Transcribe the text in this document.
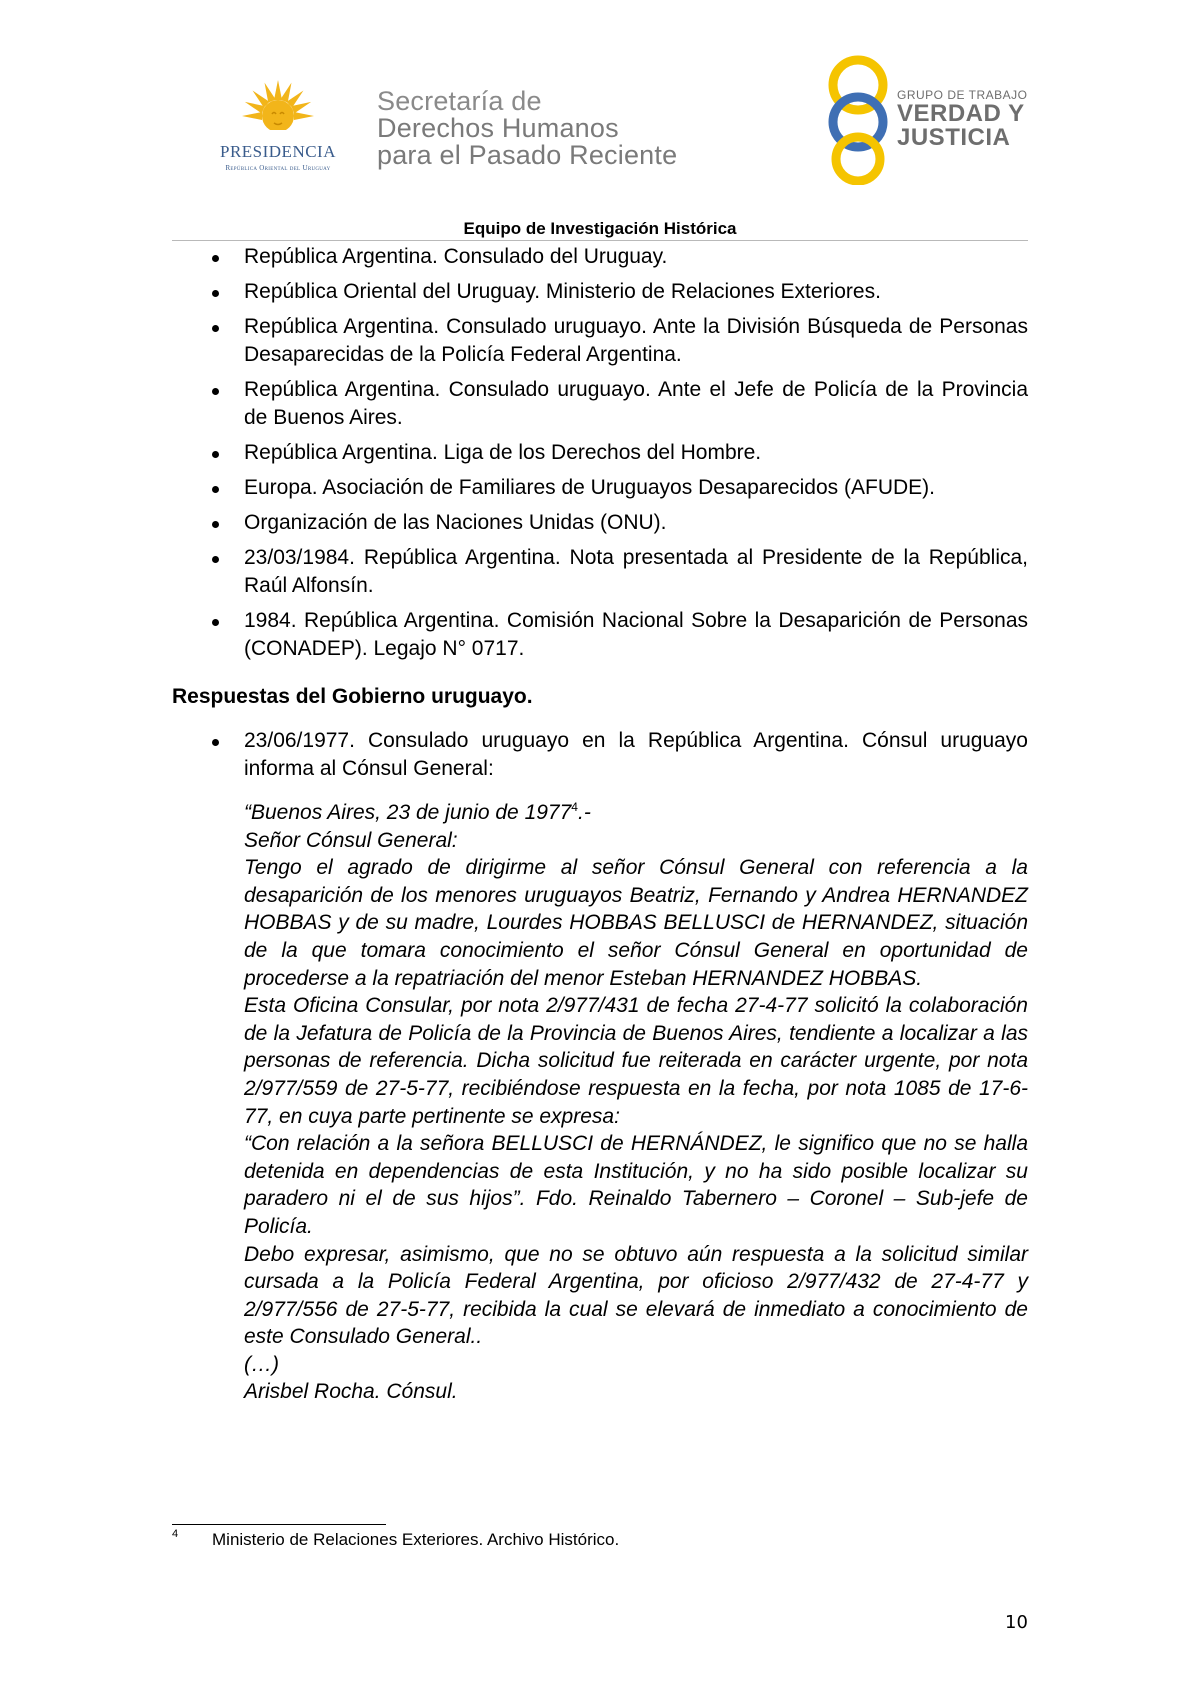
PRESIDENCIA
República Oriental del Uruguay
Secretaría de
Derechos Humanos
para el Pasado Reciente
GRUPO DE TRABAJO
VERDAD Y
JUSTICIA
Equipo de Investigación Histórica
República Argentina. Consulado del Uruguay.
República Oriental del Uruguay. Ministerio de Relaciones Exteriores.
República Argentina. Consulado uruguayo. Ante la División Búsqueda de Personas Desaparecidas de la Policía Federal Argentina.
República Argentina. Consulado uruguayo. Ante el Jefe de Policía de la Provincia de Buenos Aires.
República Argentina. Liga de los Derechos del Hombre.
Europa. Asociación de Familiares de Uruguayos Desaparecidos (AFUDE).
Organización de las Naciones Unidas (ONU).
23/03/1984. República Argentina. Nota presentada al Presidente de la República, Raúl Alfonsín.
1984. República Argentina. Comisión Nacional Sobre la Desaparición de Personas (CONADEP). Legajo N° 0717.
Respuestas del Gobierno uruguayo.
23/06/1977. Consulado uruguayo en la República Argentina. Cónsul uruguayo informa al Cónsul General:

“Buenos Aires, 23 de junio de 1977$^4$.-

Señor Cónsul General:

Tengo el agrado de dirigirme al señor Cónsul General con referencia a la desaparición de los menores uruguayos Beatriz, Fernando y Andrea HERNANDEZ HOBBAS y de su madre, Lourdes HOBBAS BELLUSCI de HERNANDEZ, situación de la que tomara conocimiento el señor Cónsul General en oportunidad de procederse a la repatriación del menor Esteban HERNANDEZ HOBBAS.

Esta Oficina Consular, por nota 2/977/431 de fecha 27-4-77 solicitó la colaboración de la Jefatura de Policía de la Provincia de Buenos Aires, tendiente a localizar a las personas de referencia. Dicha solicitud fue reiterada en carácter urgente, por nota 2/977/559 de 27-5-77, recibiéndose respuesta en la fecha, por nota 1085 de 17-6-77, en cuya parte pertinente se expresa:

“Con relación a la señora BELLUSCI de HERNÁNDEZ, le significo que no se halla detenida en dependencias de esta Institución, y no ha sido posible localizar su paradero ni el de sus hijos”. Fdo. Reinaldo Tabernero – Coronel – Sub-jefe de Policía.

Debo expresar, asimismo, que no se obtuvo aún respuesta a la solicitud similar cursada a la Policía Federal Argentina, por oficioso 2/977/432 de 27-4-77 y 2/977/556 de 27-5-77, recibida la cual se elevará de inmediato a conocimiento de este Consulado General..

(…)

Arisbel Rocha. Cónsul.

4 Ministerio de Relaciones Exteriores. Archivo Histórico.
10
